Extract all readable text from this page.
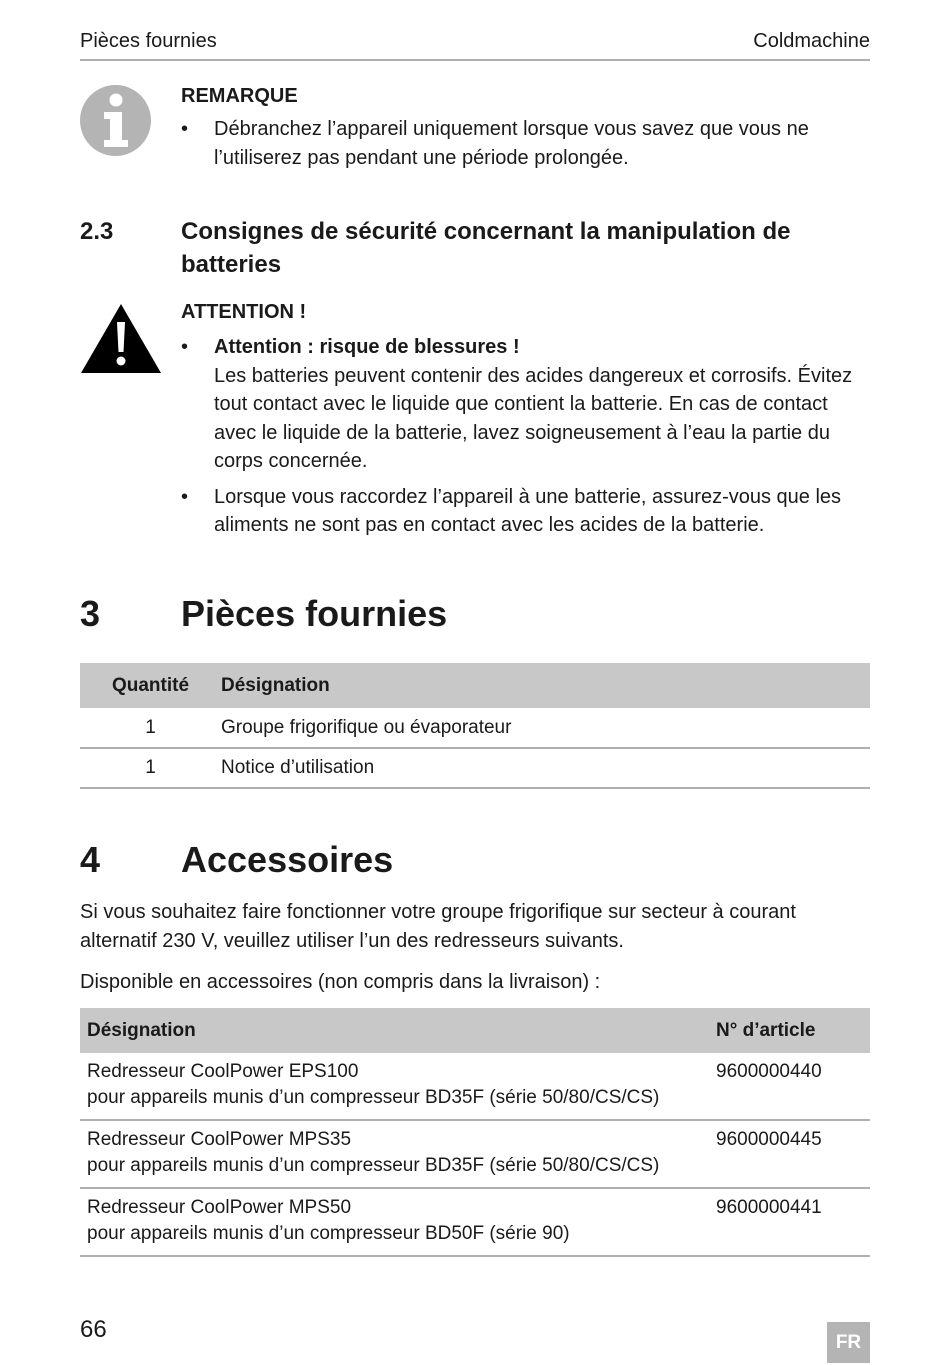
Pièces fournies	Coldmachine
REMARQUE
• Débranchez l’appareil uniquement lorsque vous savez que vous ne l’utiliserez pas pendant une période prolongée.
2.3	Consignes de sécurité concernant la manipulation de batteries
ATTENTION !
• Attention : risque de blessures !
Les batteries peuvent contenir des acides dangereux et corrosifs. Évitez tout contact avec le liquide que contient la batterie. En cas de contact avec le liquide de la batterie, lavez soigneusement à l’eau la partie du corps concernée.
• Lorsque vous raccordez l’appareil à une batterie, assurez-vous que les aliments ne sont pas en contact avec les acides de la batterie.
3 Pièces fournies
Quantité	Désignation
1	Groupe frigorifique ou évaporateur
1	Notice d’utilisation
4 Accessoires
Si vous souhaitez faire fonctionner votre groupe frigorifique sur secteur à courant alternatif 230 V, veuillez utiliser l’un des redresseurs suivants.
Disponible en accessoires (non compris dans la livraison) :
Désignation	N° d’article

Redresseur CoolPower EPS100
pour appareils munis d’un compresseur BD35F (série 50/80/CS/CS)	9600000440

Redresseur CoolPower MPS35
pour appareils munis d’un compresseur BD35F (série 50/80/CS/CS)	9600000445

Redresseur CoolPower MPS50
pour appareils munis d’un compresseur BD50F (série 90)	9600000441
66	FR
